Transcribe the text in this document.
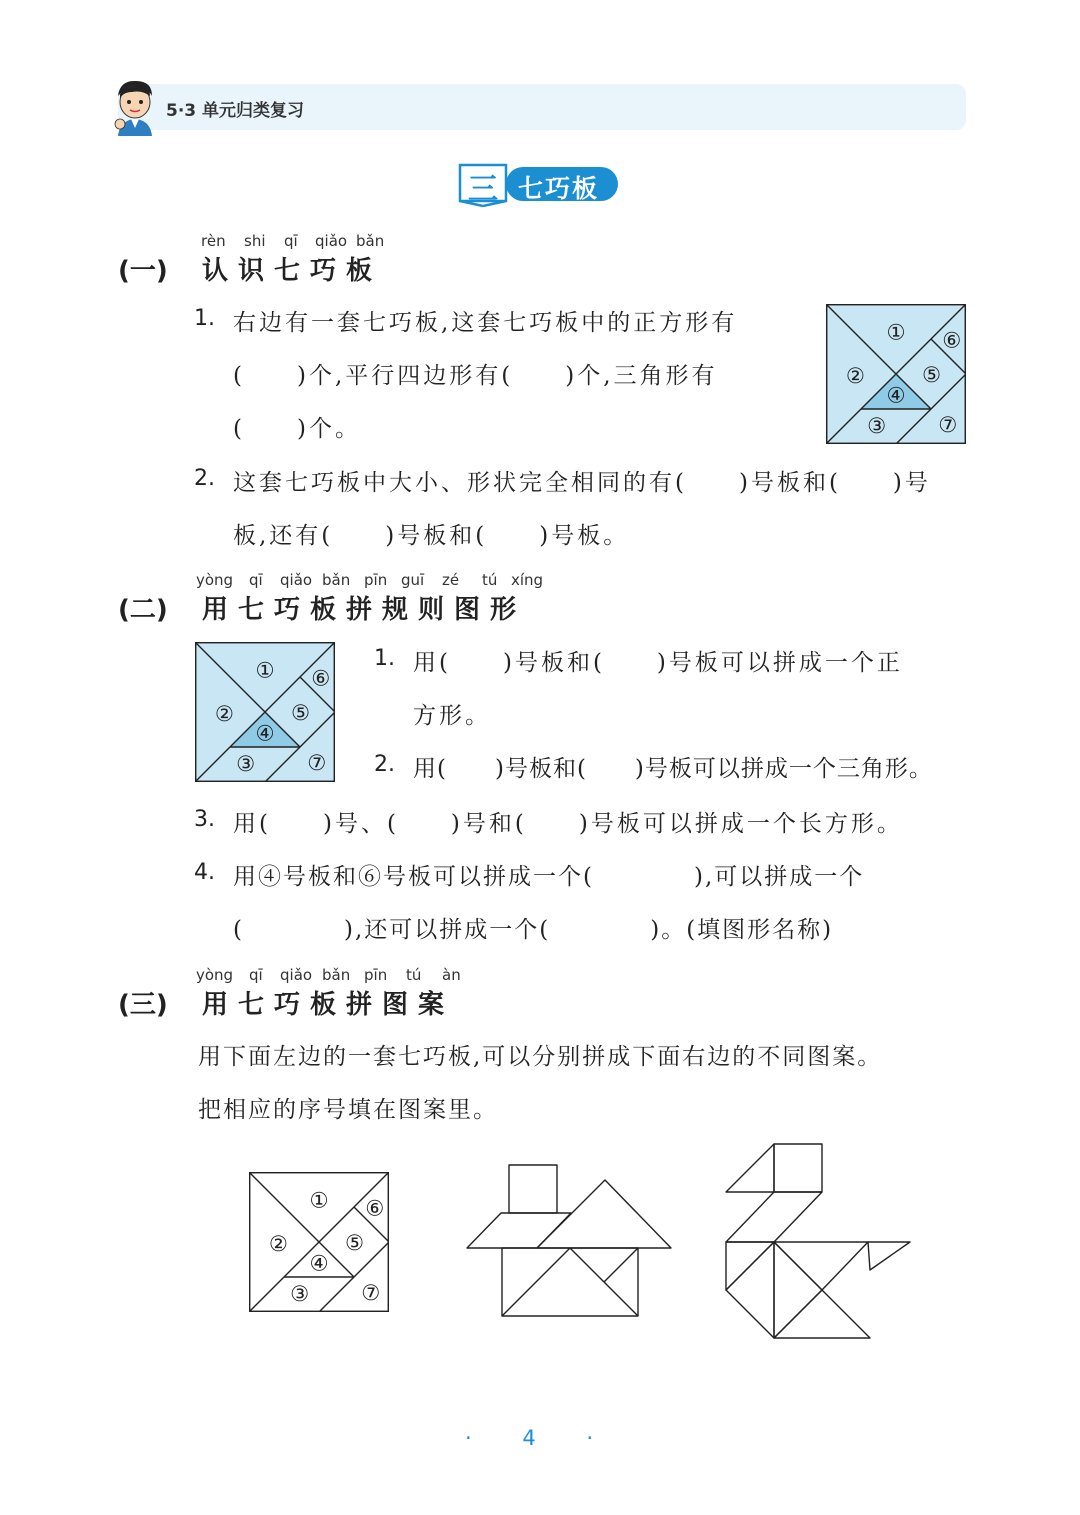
5·3 单元归类复习
三 七巧板
rèn shi qī qiǎo bǎn
(一) 认识七巧板
1. 右边有一套七巧板,这套七巧板中的正方形有
(　　)个,平行四边形有(　　)个,三角形有
(　　)个。
2. 这套七巧板中大小、形状完全相同的有(　　)号板和(　　)号
板,还有(　　)号板和(　　)号板。
①
②
③
④
⑤
⑥
⑦
yòng qī qiǎo bǎn pīn guī zé tú xíng
(二) 用七巧板拼规则图形
①
②
③
④
⑤
⑥
⑦
1. 用(　　)号板和(　　)号板可以拼成一个正
方形。
2. 用(　　)号板和(　　)号板可以拼成一个三角形。
3. 用(　　)号、(　　)号和(　　)号板可以拼成一个长方形。
4. 用④号板和⑥号板可以拼成一个(　　　　),可以拼成一个
(　　　　),还可以拼成一个(　　　　)。(填图形名称)
yòng qī qiǎo bǎn pīn tú àn
(三) 用七巧板拼图案
用下面左边的一套七巧板,可以分别拼成下面右边的不同图案。
把相应的序号填在图案里。
①
②
③
④
⑤
⑥
⑦
· 4 ·
